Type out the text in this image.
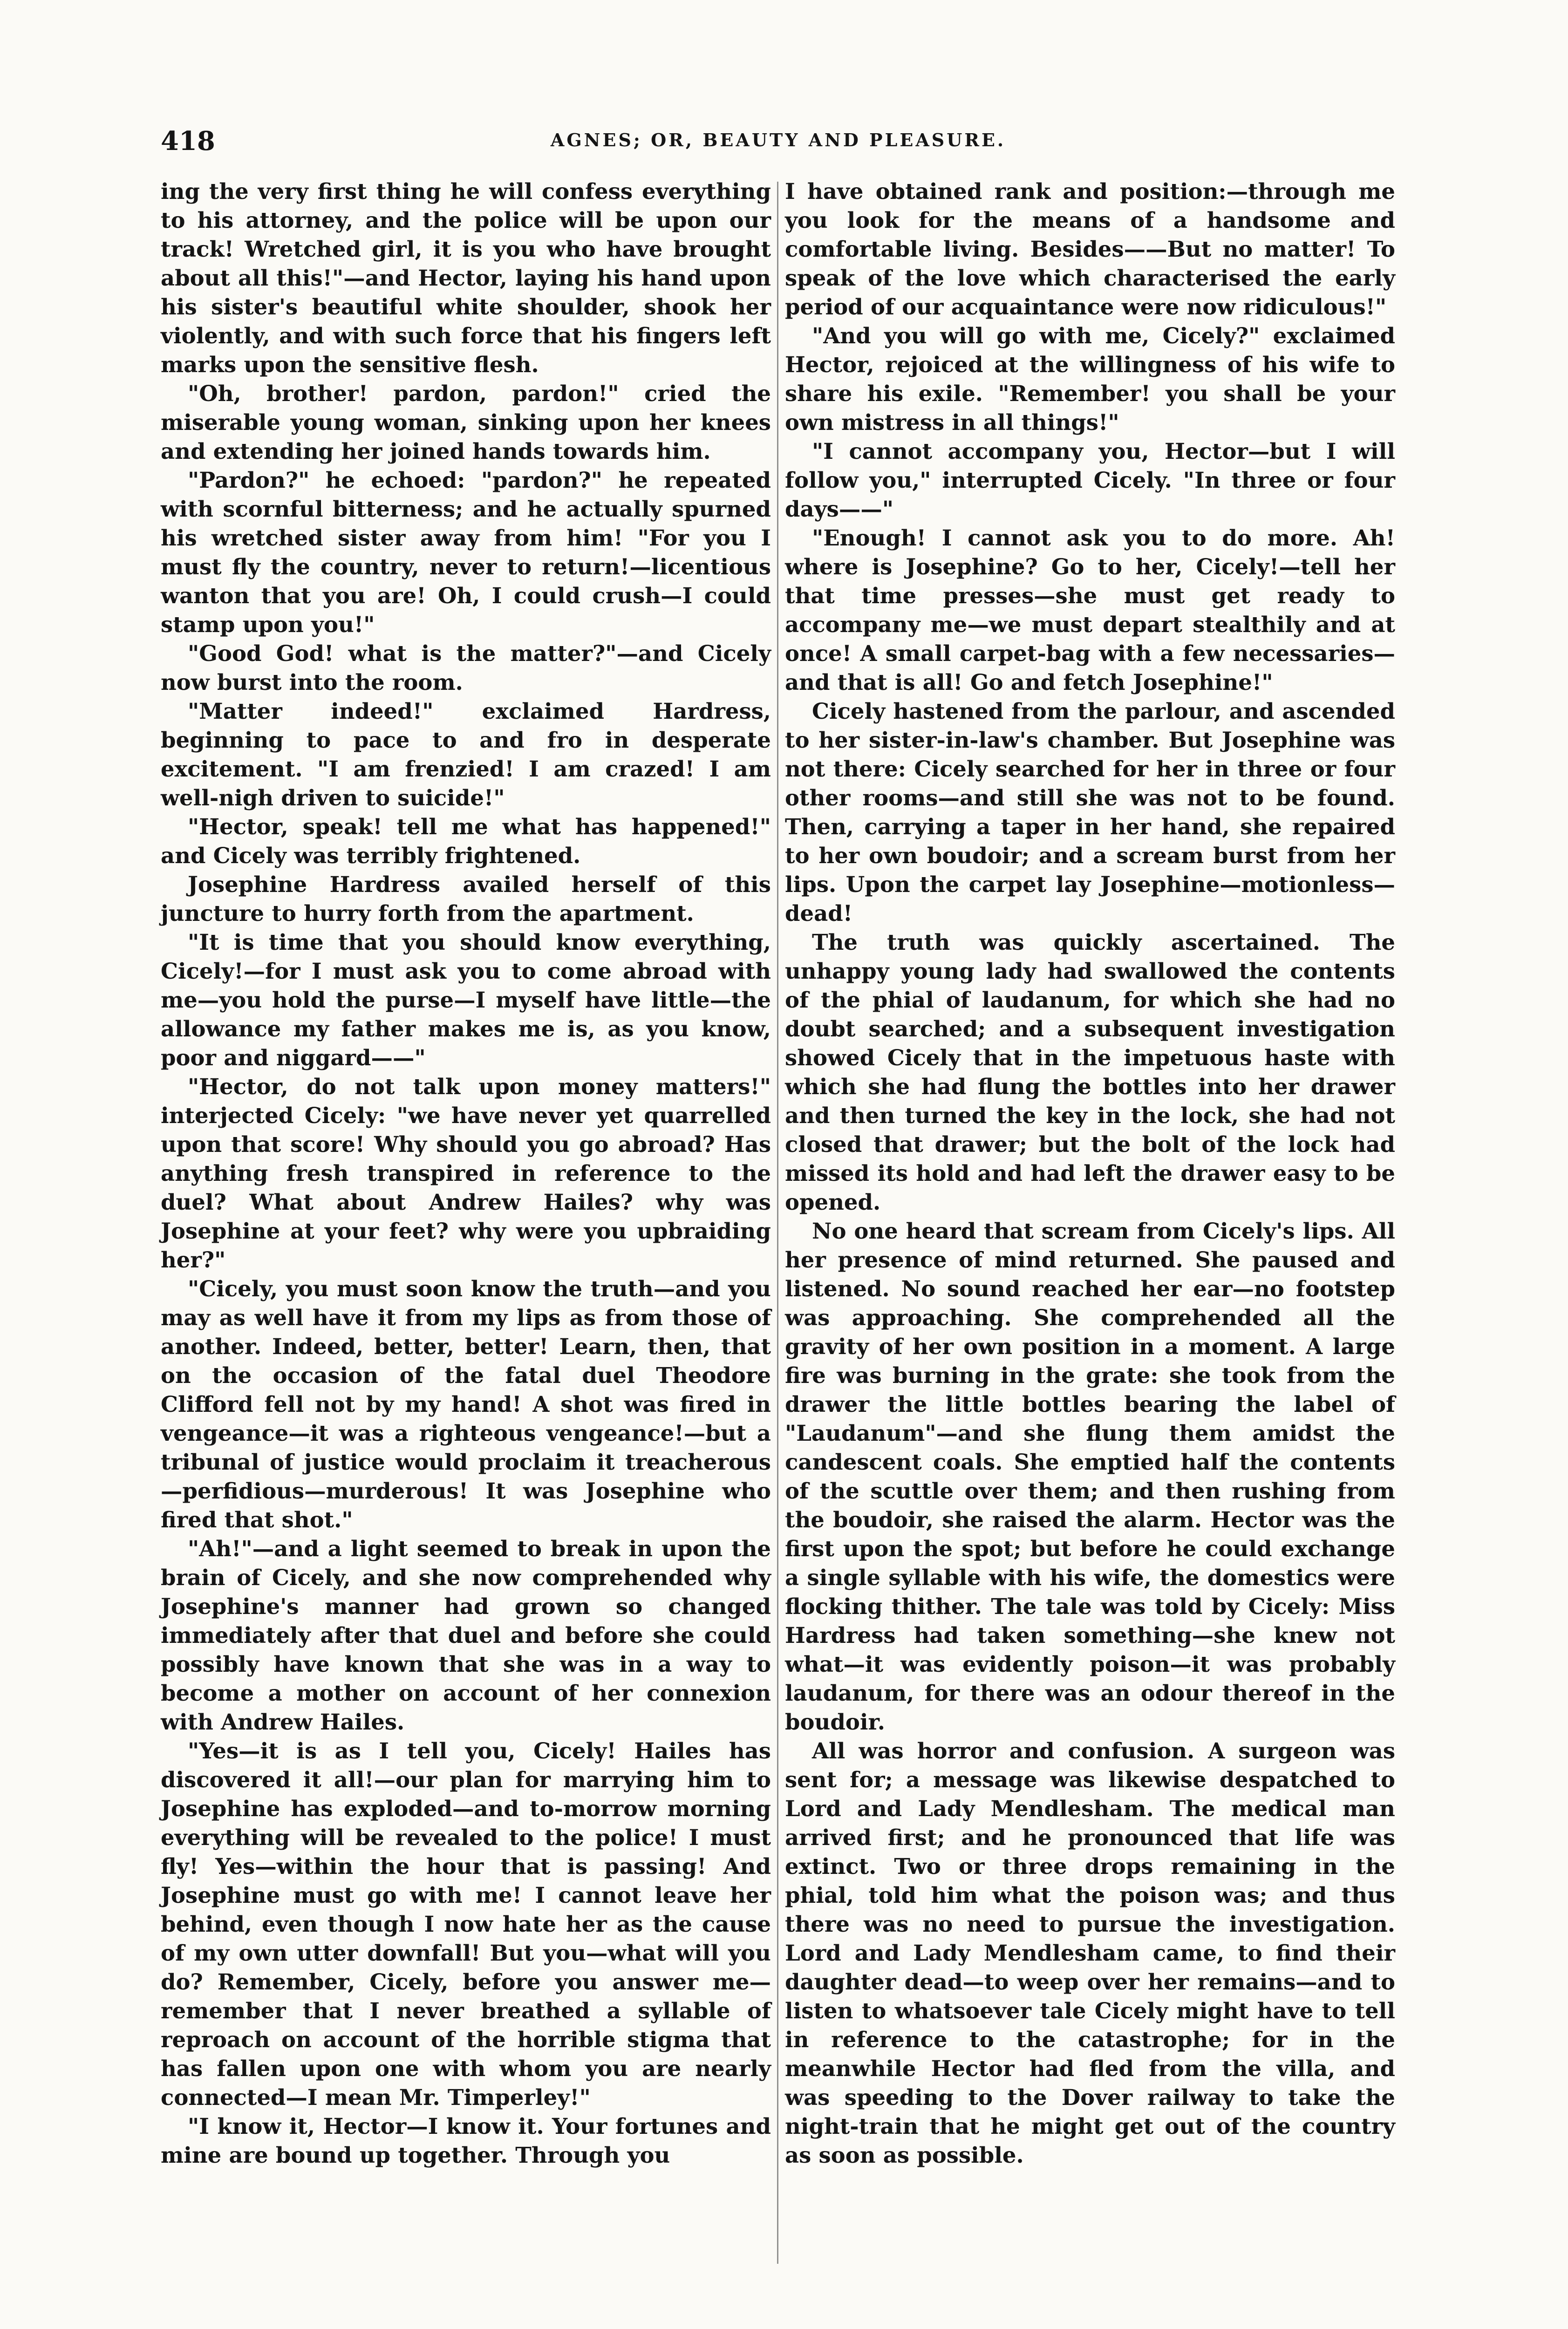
418	AGNES; OR, BEAUTY AND PLEASURE.

ing the very first thing he will confess everything to his attorney, and the police will be upon our track! Wretched girl, it is you who have brought about all this!"—and Hector, laying his hand upon his sister's beautiful white shoulder, shook her violently, and with such force that his fingers left marks upon the sensitive flesh.

"Oh, brother! pardon, pardon!" cried the miserable young woman, sinking upon her knees and extending her joined hands towards him.

"Pardon?" he echoed: "pardon?" he repeated with scornful bitterness; and he actually spurned his wretched sister away from him! "For you I must fly the country, never to return!—licentious wanton that you are! Oh, I could crush—I could stamp upon you!"

"Good God! what is the matter?"—and Cicely now burst into the room.

"Matter indeed!" exclaimed Hardress, beginning to pace to and fro in desperate excitement. "I am frenzied! I am crazed! I am well-nigh driven to suicide!"

"Hector, speak! tell me what has happened!" and Cicely was terribly frightened.

Josephine Hardress availed herself of this juncture to hurry forth from the apartment.

"It is time that you should know everything, Cicely!—for I must ask you to come abroad with me—you hold the purse—I myself have little—the allowance my father makes me is, as you know, poor and niggard——"

"Hector, do not talk upon money matters!" interjected Cicely: "we have never yet quarrelled upon that score! Why should you go abroad? Has anything fresh transpired in reference to the duel? What about Andrew Hailes? why was Josephine at your feet? why were you upbraiding her?"

"Cicely, you must soon know the truth—and you may as well have it from my lips as from those of another. Indeed, better, better! Learn, then, that on the occasion of the fatal duel Theodore Clifford fell not by my hand! A shot was fired in vengeance—it was a righteous vengeance!—but a tribunal of justice would proclaim it treacherous—perfidious—murderous! It was Josephine who fired that shot."

"Ah!"—and a light seemed to break in upon the brain of Cicely, and she now comprehended why Josephine's manner had grown so changed immediately after that duel and before she could possibly have known that she was in a way to become a mother on account of her connexion with Andrew Hailes.

"Yes—it is as I tell you, Cicely! Hailes has discovered it all!—our plan for marrying him to Josephine has exploded—and to-morrow morning everything will be revealed to the police! I must fly! Yes—within the hour that is passing! And Josephine must go with me! I cannot leave her behind, even though I now hate her as the cause of my own utter downfall! But you—what will you do? Remember, Cicely, before you answer me—remember that I never breathed a syllable of reproach on account of the horrible stigma that has fallen upon one with whom you are nearly connected—I mean Mr. Timperley!"

"I know it, Hector—I know it. Your fortunes and mine are bound up together. Through you

I have obtained rank and position:—through me you look for the means of a handsome and comfortable living. Besides——But no matter! To speak of the love which characterised the early period of our acquaintance were now ridiculous!"

"And you will go with me, Cicely?" exclaimed Hector, rejoiced at the willingness of his wife to share his exile. "Remember! you shall be your own mistress in all things!"

"I cannot accompany you, Hector—but I will follow you," interrupted Cicely. "In three or four days——"

"Enough! I cannot ask you to do more. Ah! where is Josephine? Go to her, Cicely!—tell her that time presses—she must get ready to accompany me—we must depart stealthily and at once! A small carpet-bag with a few necessaries—and that is all! Go and fetch Josephine!"

Cicely hastened from the parlour, and ascended to her sister-in-law's chamber. But Josephine was not there: Cicely searched for her in three or four other rooms—and still she was not to be found. Then, carrying a taper in her hand, she repaired to her own boudoir; and a scream burst from her lips. Upon the carpet lay Josephine—motionless—dead!

The truth was quickly ascertained. The unhappy young lady had swallowed the contents of the phial of laudanum, for which she had no doubt searched; and a subsequent investigation showed Cicely that in the impetuous haste with which she had flung the bottles into her drawer and then turned the key in the lock, she had not closed that drawer; but the bolt of the lock had missed its hold and had left the drawer easy to be opened.

No one heard that scream from Cicely's lips. All her presence of mind returned. She paused and listened. No sound reached her ear—no footstep was approaching. She comprehended all the gravity of her own position in a moment. A large fire was burning in the grate: she took from the drawer the little bottles bearing the label of "Laudanum"—and she flung them amidst the candescent coals. She emptied half the contents of the scuttle over them; and then rushing from the boudoir, she raised the alarm. Hector was the first upon the spot; but before he could exchange a single syllable with his wife, the domestics were flocking thither. The tale was told by Cicely: Miss Hardress had taken something—she knew not what—it was evidently poison—it was probably laudanum, for there was an odour thereof in the boudoir.

All was horror and confusion. A surgeon was sent for; a message was likewise despatched to Lord and Lady Mendlesham. The medical man arrived first; and he pronounced that life was extinct. Two or three drops remaining in the phial, told him what the poison was; and thus there was no need to pursue the investigation. Lord and Lady Mendlesham came, to find their daughter dead—to weep over her remains—and to listen to whatsoever tale Cicely might have to tell in reference to the catastrophe; for in the meanwhile Hector had fled from the villa, and was speeding to the Dover railway to take the night-train that he might get out of the country as soon as possible.
